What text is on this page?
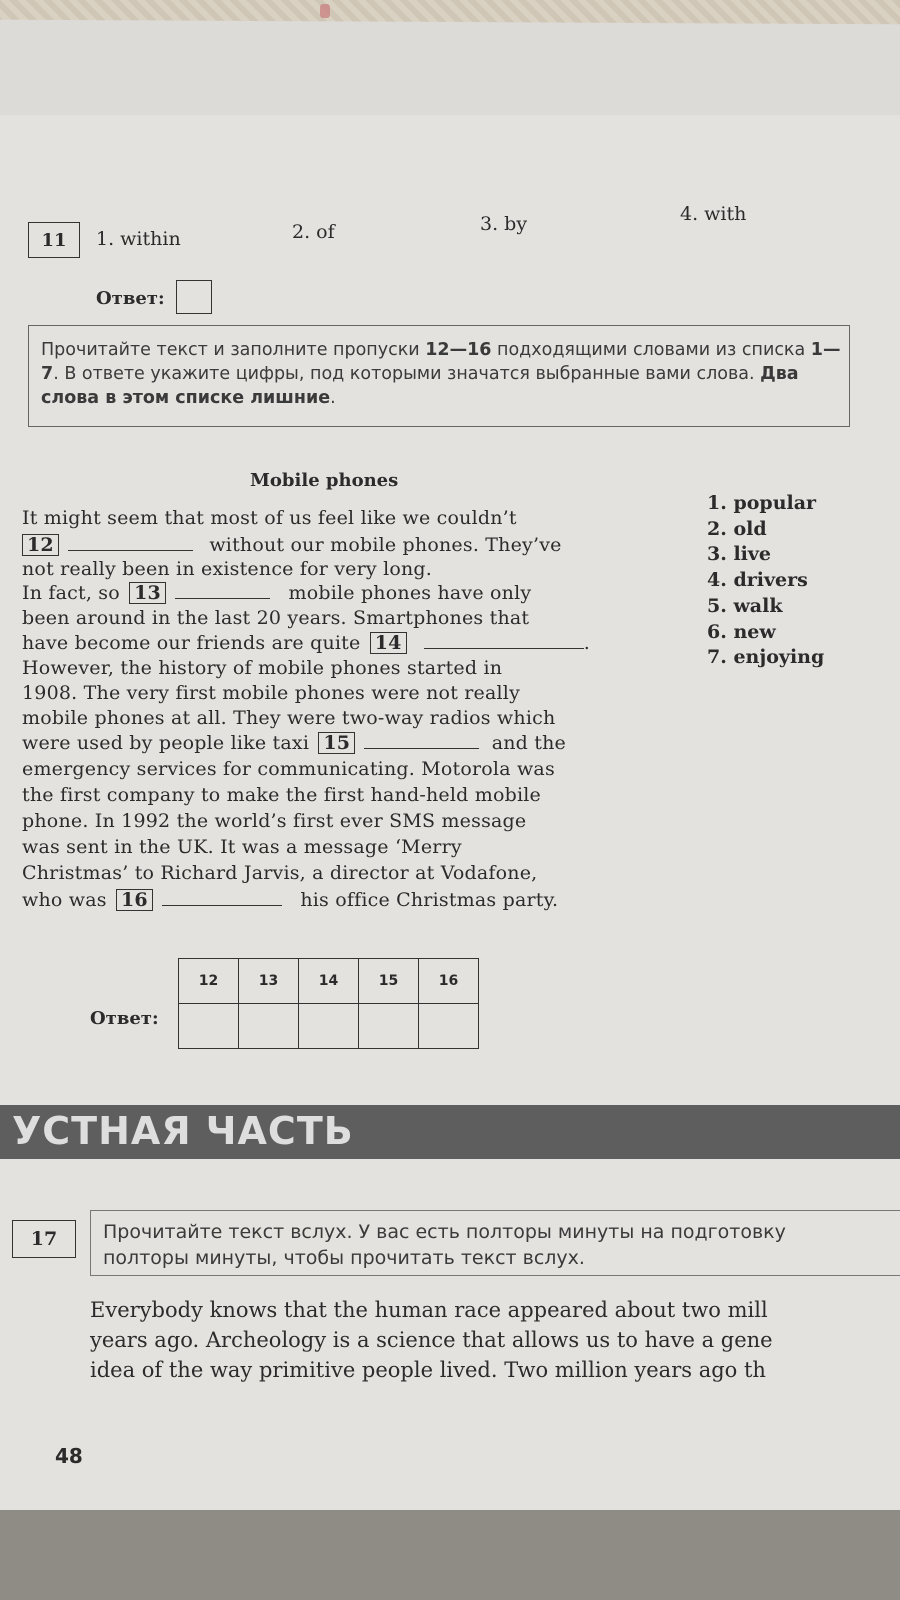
11 1. within	2. of	3. by	4. with
Ответ:
Прочитайте текст и заполните пропуски 12—16 подходящими словами из списка 1—7. В ответе укажите цифры, под которыми значатся выбранные вами слова. Два слова в этом списке лишние.
Mobile phones
It might seem that most of us feel like we couldn’t
12	without our mobile phones. They’ve
not really been in existence for very long.
In fact, so 13	mobile phones have only
been around in the last 20 years. Smartphones that
have become our friends are quite 14	.
However, the history of mobile phones started in
1908. The very first mobile phones were not really
mobile phones at all. They were two-way radios which
were used by people like taxi 15	and the
emergency services for communicating. Motorola was
the first company to make the first hand-held mobile
phone. In 1992 the world’s first ever SMS message
was sent in the UK. It was a message ‘Merry
Christmas’ to Richard Jarvis, a director at Vodafone,
who was 16	his office Christmas party.
1. popular
2. old
3. live
4. drivers
5. walk
6. new
7. enjoying
Ответ:
12	13	14	15	16

УСТНАЯ ЧАСТЬ
17 Прочитайте текст вслух. У вас есть полторы минуты на подготовку
полторы минуты, чтобы прочитать текст вслух.
Everybody knows that the human race appeared about two mill
years ago. Archeology is a science that allows us to have a gene
idea of the way primitive people lived. Two million years ago th
48
